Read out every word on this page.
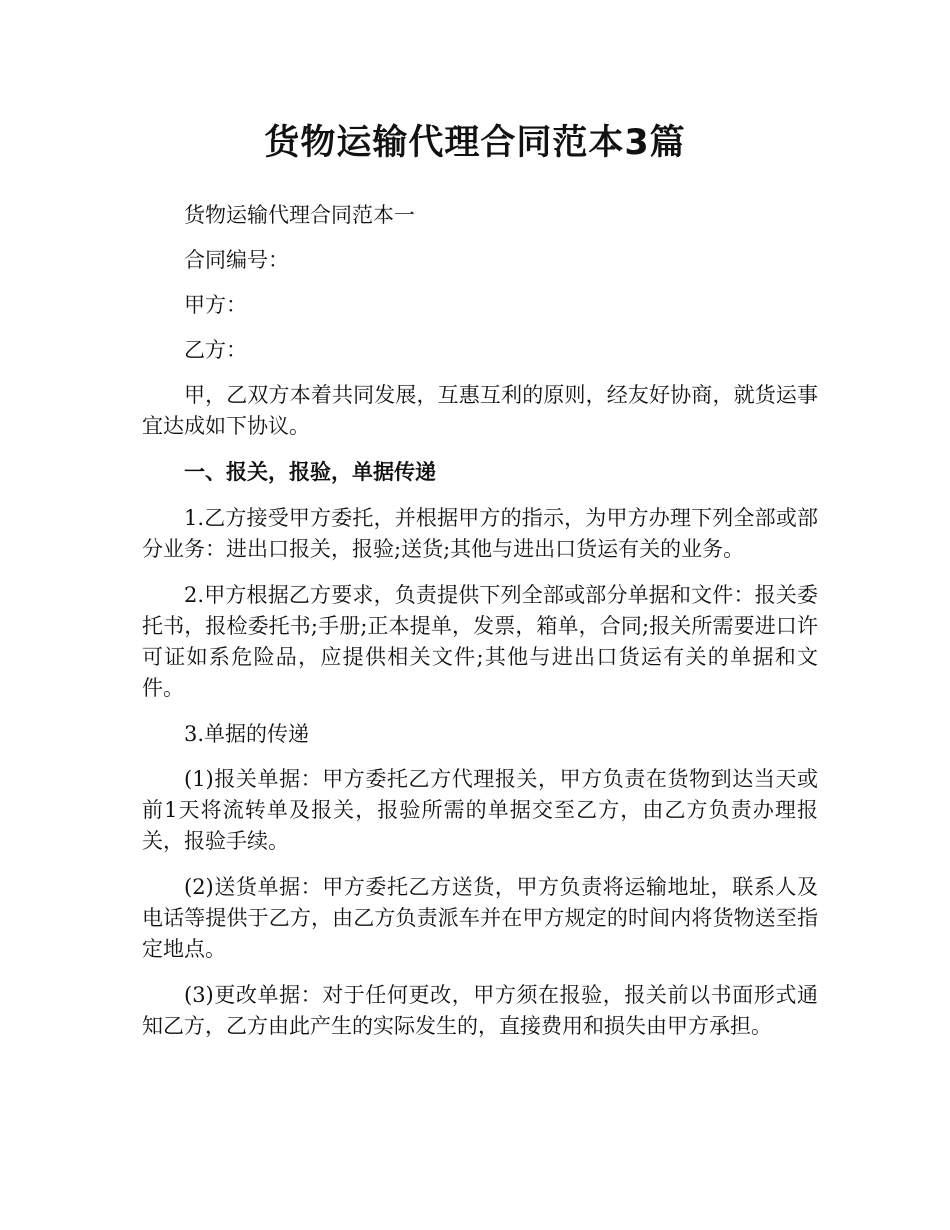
货物运输代理合同范本3篇

货物运输代理合同范本一

合同编号：

甲方：

乙方：

甲，乙双方本着共同发展，互惠互利的原则，经友好协商，就货运事宜达成如下协议。

一、报关，报验，单据传递

1.乙方接受甲方委托，并根据甲方的指示，为甲方办理下列全部或部分业务：进出口报关，报验;送货;其他与进出口货运有关的业务。

2.甲方根据乙方要求，负责提供下列全部或部分单据和文件：报关委托书，报检委托书;手册;正本提单，发票，箱单，合同;报关所需要进口许可证如系危险品，应提供相关文件;其他与进出口货运有关的单据和文件。

3.单据的传递

(1)报关单据：甲方委托乙方代理报关，甲方负责在货物到达当天或前1天将流转单及报关，报验所需的单据交至乙方，由乙方负责办理报关，报验手续。

(2)送货单据：甲方委托乙方送货，甲方负责将运输地址，联系人及电话等提供于乙方，由乙方负责派车并在甲方规定的时间内将货物送至指定地点。

(3)更改单据：对于任何更改，甲方须在报验，报关前以书面形式通知乙方，乙方由此产生的实际发生的，直接费用和损失由甲方承担。
